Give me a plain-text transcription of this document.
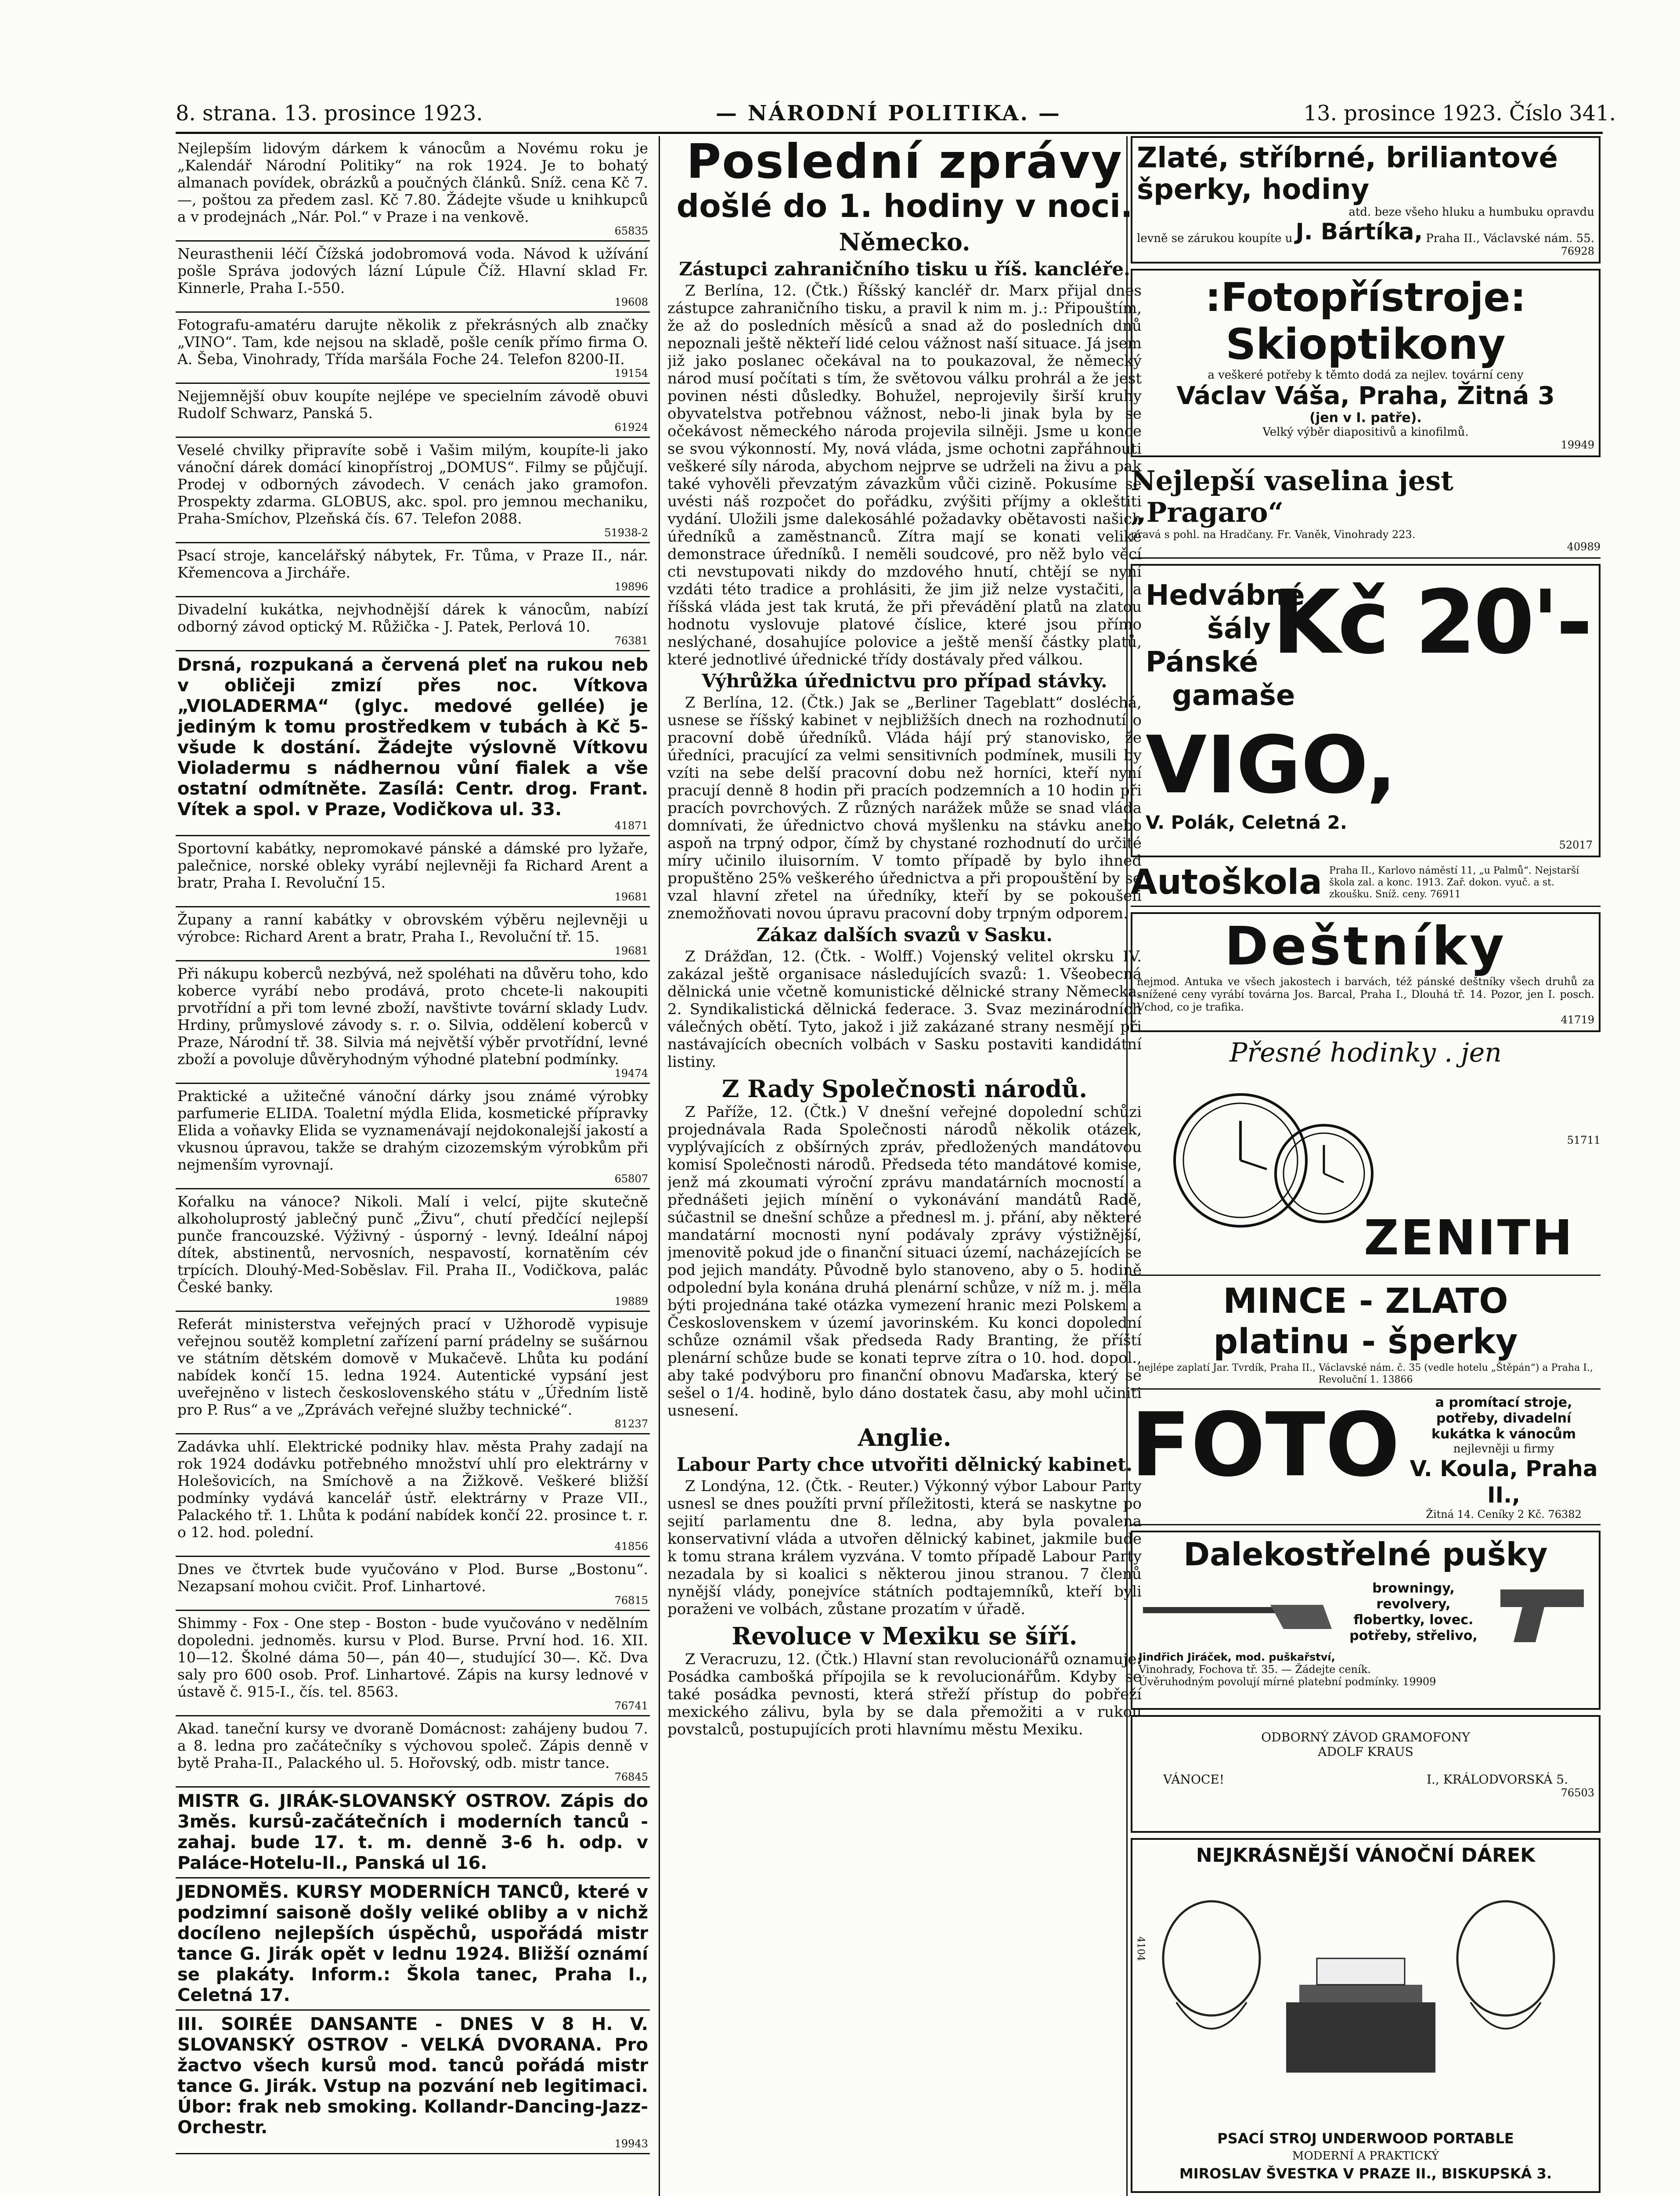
8. strana. 13. prosince 1923.	— NÁRODNÍ POLITIKA. —	13. prosince 1923. Číslo 341.
Nejlepším lidovým dárkem k vánocům a Novému roku je „Kalendář Národní Politiky“ na rok 1924. Je to bohatý almanach povídek, obrázků a poučných článků. Sníž. cena Kč 7.—, poštou za předem zasl. Kč 7.80. Žádejte všude u knihkupců a v prodejnách „Nár. Pol.“ v Praze i na venkově.
65835
Neurasthenii léčí Čížská jodobromová voda. Návod k užívání pošle Správa jodových lázní Lúpule Číž. Hlavní sklad Fr. Kinnerle, Praha I.-550.
19608
Fotografu-amatéru darujte několik z překrásných alb značky „VINO“. Tam, kde nejsou na skladě, pošle ceník přímo firma O. A. Šeba, Vinohrady, Třída maršála Foche 24. Telefon 8200-II.
19154
Nejjemnější obuv koupíte nejlépe ve specielním závodě obuvi Rudolf Schwarz, Panská 5.
61924
Veselé chvilky připravíte sobě i Vašim milým, koupíte-li jako vánoční dárek domácí kinopřístroj „DOMUS“. Filmy se půjčují. Prodej v odborných závodech. V cenách jako gramofon. Prospekty zdarma. GLOBUS, akc. spol. pro jemnou mechaniku, Praha-Smíchov, Plzeňská čís. 67. Telefon 2088.
51938-2
Psací stroje, kancelářský nábytek, Fr. Tůma, v Praze II., nár. Křemencova a Jircháře.
19896
Divadelní kukátka, nejvhodnější dárek k vánocům, nabízí odborný závod optický M. Růžička - J. Patek, Perlová 10.
76381
Drsná, rozpukaná a červená pleť na rukou neb v obličeji zmizí přes noc. Vítkova „VIOLADERMA“ (glyc. medové gellée) je jediným k tomu prostředkem v tubách à Kč 5- všude k dostání. Žádejte výslovně Vítkovu Violadermu s nádhernou vůní fialek a vše ostatní odmítněte. Zasílá: Centr. drog. Frant. Vítek a spol. v Praze, Vodičkova ul. 33.
41871
Sportovní kabátky, nepromokavé pánské a dámské pro lyžaře, palečnice, norské obleky vyrábí nejlevněji fa Richard Arent a bratr, Praha I. Revoluční 15.
19681
Župany a ranní kabátky v obrovském výběru nejlevněji u výrobce: Richard Arent a bratr, Praha I., Revoluční tř. 15.
19681
Při nákupu koberců nezbývá, než spoléhati na důvěru toho, kdo koberce vyrábí nebo prodává, proto chcete-li nakoupiti prvotřídní a při tom levné zboží, navštivte tovární sklady Ludv. Hrdiny, průmyslové závody s. r. o. Silvia, oddělení koberců v Praze, Národní tř. 38. Silvia má největší výběr prvotřídní, levné zboží a povoluje důvěryhodným výhodné platební podmínky.
19474
Praktické a užitečné vánoční dárky jsou známé výrobky parfumerie ELIDA. Toaletní mýdla Elida, kosmetické přípravky Elida a voňavky Elida se vyznamenávají nejdokonalejší jakostí a vkusnou úpravou, takže se drahým cizozemským výrobkům při nejmenším vyrovnají.
65807
Koŕalku na vánoce? Nikoli. Malí i velcí, pijte skutečně alkoholuprostý jablečný punč „Živu“, chutí předčící nejlepší punče francouzské. Výživný - úsporný - levný. Ideální nápoj dítek, abstinentů, nervosních, nespavostí, kornatěním cév trpících. Dlouhý-Med-Soběslav. Fil. Praha II., Vodičkova, palác České banky.
19889
Referát ministerstva veřejných prací v Užhorodě vypisuje veřejnou soutěž kompletní zařízení parní prádelny se sušárnou ve státním dětském domově v Mukačevě. Lhůta ku podání nabídek končí 15. ledna 1924. Autentické vypsání jest uveřejněno v listech československého státu v „Úředním listě pro P. Rus“ a ve „Zprávách veřejné služby technické“.
81237
Zadávka uhlí. Elektrické podniky hlav. města Prahy zadají na rok 1924 dodávku potřebného množství uhlí pro elektrárny v Holešovicích, na Smíchově a na Žižkově. Veškeré bližší podmínky vydává kancelář ústř. elektrárny v Praze VII., Palackého tř. 1. Lhůta k podání nabídek končí 22. prosince t. r. o 12. hod. polední.
41856
Dnes ve čtvrtek bude vyučováno v Plod. Burse „Bostonu“. Nezapsaní mohou cvičit. Prof. Linhartové.
76815
Shimmy - Fox - One step - Boston - bude vyučováno v nedělním dopoledni. jednoměs. kursu v Plod. Burse. První hod. 16. XII. 10—12. Školné dáma 50—, pán 40—, studující 30—. Kč. Dva saly pro 600 osob. Prof. Linhartové. Zápis na kursy lednové v ústavě č. 915-I., čís. tel. 8563.
76741
Akad. taneční kursy ve dvoraně Domácnost: zahájeny budou 7. a 8. ledna pro začátečníky s výchovou společ. Zápis denně v bytě Praha-II., Palackého ul. 5. Hořovský, odb. mistr tance.
76845
MISTR G. JIRÁK-SLOVANSKÝ OSTROV. Zápis do 3měs. kursů-začátečních i moderních tanců - zahaj. bude 17. t. m. denně 3-6 h. odp. v Paláce-Hotelu-II., Panská ul 16.
JEDNOMĚS. KURSY MODERNÍCH TANCŮ, které v podzimní saisoně došly veliké obliby a v nichž docíleno nejlepších úspěchů, uspořádá mistr tance G. Jirák opět v lednu 1924. Bližší oznámí se plakáty. Inform.: Škola tanec, Praha I., Celetná 17.
III. SOIRÉE DANSANTE - DNES V 8 H. V. SLOVANSKÝ OSTROV - VELKÁ DVORANA. Pro žactvo všech kursů mod. tanců pořádá mistr tance G. Jirák. Vstup na pozvání neb legitimaci. Úbor: frak neb smoking. Kollandr-Dancing-Jazz-Orchestr.
19943
Poslední zprávy
došlé do 1. hodiny v noci.
Německo.
Zástupci zahraničního tisku u říš. kancléře.

Z Berlína, 12. (Čtk.) Říšský kancléř dr. Marx přijal dnes zástupce zahraničního tisku, a pravil k nim m. j.: Připouštím, že až do posledních měsíců a snad až do posledních dnů nepoznali ještě někteří lidé celou vážnost naší situace. Já jsem již jako poslanec očekával na to poukazoval, že německý národ musí počítati s tím, že světovou válku prohrál a že jest povinen nésti důsledky. Bohužel, neprojevily širší kruhy obyvatelstva potřebnou vážnost, nebo-li jinak byla by se očekávost německého národa projevila silněji. Jsme u konce se svou výkonností. My, nová vláda, jsme ochotni zapřáhnouti veškeré síly národa, abychom nejprve se udrželi na živu a pak také vyhověli převzatým závazkům vůči cizině. Pokusíme se uvésti náš rozpočet do pořádku, zvýšiti příjmy a okleštiti vydání. Uložili jsme dalekosáhlé požadavky obětavosti našich úředníků a zaměstnanců. Zítra mají se konati veliké demonstrace úředníků. I neměli soudcové, pro něž bylo věcí cti nevstupovati nikdy do mzdového hnutí, chtějí se nyní vzdáti této tradice a prohlásiti, že jim již nelze vystačiti, a říšská vláda jest tak krutá, že při převádění platů na zlatou hodnotu vyslovuje platové číslice, které jsou přímo neslýchané, dosahujíce polovice a ještě menší částky platů, které jednotlivé úřednické třídy dostávaly před válkou.

Výhrůžka úřednictvu pro případ stávky.

Z Berlína, 12. (Čtk.) Jak se „Berliner Tageblatt“ dosléchá, usnese se říšský kabinet v nejbližších dnech na rozhodnutí o pracovní době úředníků. Vláda hájí prý stanovisko, že úředníci, pracující za velmi sensitivních podmínek, musili by vzíti na sebe delší pracovní dobu než horníci, kteří nyní pracují denně 8 hodin při pracích podzemních a 10 hodin při pracích povrchových. Z různých narážek může se snad vláda domnívati, že úřednictvo chová myšlenku na stávku anebo aspoň na trpný odpor, čímž by chystané rozhodnutí do určité míry učinilo iluisorním. V tomto případě by bylo ihned propuštěno 25% veškerého úřednictva a při propouštění by se vzal hlavní zřetel na úředníky, kteří by se pokoušeli znemožňovati novou úpravu pracovní doby trpným odporem.

Zákaz dalších svazů v Sasku.

Z Drážďan, 12. (Čtk. - Wolff.) Vojenský velitel okrsku IV. zakázal ještě organisace následujících svazů: 1. Všeobecná dělnická unie včetně komunistické dělnické strany Německa. 2. Syndikalistická dělnická federace. 3. Svaz mezinárodních válečných obětí. Tyto, jakož i již zakázané strany nesmějí při nastávajících obecních volbách v Sasku postaviti kandidátní listiny.

Z Rady Společnosti národů.

Z Paříže, 12. (Čtk.) V dnešní veřejné dopolední schůzi projednávala Rada Společnosti národů několik otázek, vyplývajících z obšírných zpráv, předložených mandátovou komisí Společnosti národů. Předseda této mandátové komise, jenž má zkoumati výroční zprávu mandatárních mocností a přednášeti jejich mínění o vykonávání mandátů Radě, súčastnil se dnešní schůze a přednesl m. j. přání, aby některé mandatární mocnosti nyní podávaly zprávy výstižnější, jmenovitě pokud jde o finanční situaci území, nacházejících se pod jejich mandáty. Původně bylo stanoveno, aby o 5. hodině odpolední byla konána druhá plenární schůze, v níž m. j. měla býti projednána také otázka vymezení hranic mezi Polskem a Československem v území javorinském. Ku konci dopolední schůze oznámil však předseda Rady Branting, že příští plenární schůze bude se konati teprve zítra o 10. hod. dopol., aby také podvýboru pro finanční obnovu Maďarska, který se sešel o 1/4. hodině, bylo dáno dostatek času, aby mohl učiniti usnesení.

Anglie.
Labour Party chce utvořiti dělnický kabinet.

Z Londýna, 12. (Čtk. - Reuter.) Výkonný výbor Labour Party usnesl se dnes použíti první příležitosti, která se naskytne po sejití parlamentu dne 8. ledna, aby byla povalena konservativní vláda a utvořen dělnický kabinet, jakmile bude k tomu strana králem vyzvána. V tomto případě Labour Party nezadala by si koalici s některou jinou stranou. 7 členů nynější vlády, ponejvíce státních podtajemníků, kteří byli poraženi ve volbách, zůstane prozatím v úřadě.

Revoluce v Mexiku se šíří.

Z Veracruzu, 12. (Čtk.) Hlavní stan revolucionářů oznamuje: Posádka cambošká přípojila se k revolucionářům. Kdyby se také posádka pevnosti, která střeží přístup do pobřeží mexického zálivu, byla by se dala přemožiti a v rukou povstalců, postupujících proti hlavnímu městu Mexiku.

Zlaté, stříbrné, briliantové šperky, hodiny
atd. beze všeho hluku a humbuku opravdu
levně se zárukou koupíte u J. Bártíka, Praha II., Václavské nám. 55.
76928
:Fotopřístroje:
Skioptikony
a veškeré potřeby k těmto dodá za nejlev. tovární ceny
Václav Váša, Praha, Žitná 3
(jen v I. patře).
Velký výběr diapositivů a kinofilmů.
19949
Nejlepší vaselina jest „Pragaro“
pravá s pohl. na Hradčany. Fr. Vaněk, Vinohrady 223.
40989
Hedvábné
šály
Pánské
gamaše
Kč 20'-
VIGO,
V. Polák, Celetná 2.
52017
Autoškola Praha II., Karlovo náměstí 11, „u Palmů“. Nejstarší škola zal. a konc. 1913. Zař. dokon. vyuč. a st. zkoušku. Sníž. ceny. 76911
Deštníky
nejmod. Antuka ve všech jakostech i barvách, též pánské deštníky všech druhů za snížené ceny vyrábí továrna Jos. Barcal, Praha I., Dlouhá tř. 14. Pozor, jen I. posch. Vchod, co je trafika.
41719
Přesné hodinky . jen
ZENITH
51711
MINCE - ZLATO
platinu - šperky
nejlépe zaplatí Jar. Tvrdík, Praha II., Václavské nám. č. 35 (vedle hotelu „Štěpán“) a Praha I., Revoluční 1. 13866
FOTO	a promítací stroje, potřeby, divadelní kukátka k vánocům
nejlevněji u firmy
V. Koula, Praha II.,
Žitná 14. Ceníky 2 Kč. 76382
Dalekostřelné pušky
browningy, revolvery, flobertky, lovec. potřeby, střelivo,
Jindřich Jiráček, mod. puškařství,
Vinohrady, Fochova tř. 35. — Žádejte ceník.
Úvěruhodným povolují mírné platební podmínky. 19909
ODBORNÝ ZÁVOD GRAMOFONY
ADOLF KRAUS
VÁNOCE!	I., KRÁLODVORSKÁ 5.
76503
NEJKRÁSNĚJŠÍ VÁNOČNÍ DÁREK
PSACÍ STROJ UNDERWOOD PORTABLE
MODERNÍ A PRAKTICKÝ
MIROSLAV ŠVESTKA V PRAZE II., BISKUPSKÁ 3.
4104
